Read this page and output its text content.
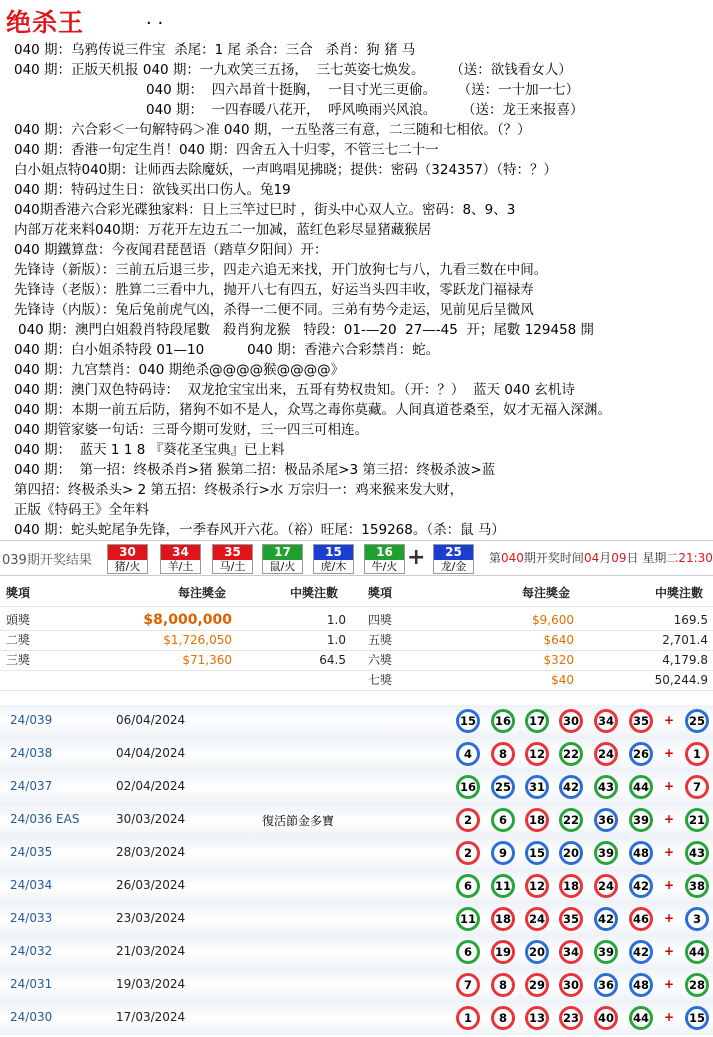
绝杀王	. .
040 期：乌鸦传说三件宝  杀尾：1 尾 杀合：三合   杀肖：狗 猪 马
040 期：正版天机报 040 期：一九欢笑三五扬，  三七英姿七焕发。      （送：欲钱看女人）
040 期：  四六昂首十挺胸，  一目寸光三更偷。     （送：一十加一七）
040 期：  一四春暖八花开，  呼风唤雨兴风浪。      （送：龙王来报喜）
040 期：六合彩＜一句解特码＞准 040 期，一五坠落三有意，二三随和七相依。（？）
040 期：香港一句定生肖！040 期：四舍五入十归零，不管三七二十一
白小姐点特040期：让师西去除魔妖，一声鸣唱见拂晓；提供：密码（324357）（特：？）
040 期：特码过生日：欲钱买出口伤人。兔19
040期香港六合彩光碟独家料：日上三竿过巳时 ，街头中心双人立。密码：8、9、3
内部万花来料040期：万花开左边五二一加减，蓝红色彩尽显猪藏猴居
040 期鐵算盘：今夜闻君琵琶语（踏草夕阳间）开：
先锋诗（新版）：三前五后退三步，四走六追无来找，开门放狗七与八，九看三数在中间。
先锋诗（老版）：胜算二三看中九，抛开八七有四五，好运当头四丰收，零跃龙门福禄寿
先锋诗（内版）：兔后兔前虎气凶，杀得一二便不同。三弟有势今走运，见前见后呈微风
040 期：澳門白姐殺肖特段尾數   殺肖狗龙猴   特段：01-—20  27—-45  开；尾數 129458 開
040 期：白小姐杀特段 01—10          040 期：香港六合彩禁肖：蛇。
040 期：九宫禁肖：040 期绝杀@@@@猴@@@@》
040 期：澳门双色特码诗：  双龙抢宝宝出来，五哥有势权贵知。（开：？）  蓝天 040 玄机诗
040 期：本期一前五后防，猪狗不如不是人，众骂之毒你莫藏。人间真道苍桑至，奴才无福入深渊。
040 期管家婆一句话：三哥今期可发财，三一四三可相连。
040 期：  蓝天 1 1 8 『葵花圣宝典』已上料
040 期：  第一招：终极杀肖>猪 猴第二招：极品杀尾>3 第三招：终极杀波>蓝
第四招：终极杀头> 2 第五招：终极杀行>水 万宗归一：鸡来猴来发大财，
正版《特码王》全年料
040 期：蛇头蛇尾争先锋，一季春风开六花。（裕）旺尾：159268。（杀：鼠 马）
039期开奖结果	+	第040期开奖时间04月09日 星期二21:30
30
猪/火
34
羊/土
35
马/土
17
鼠/火
15
虎/木
16
牛/火
25
龙/金
獎項	每注獎金	中獎注數 獎項	每注獎金	中獎注數
頭獎	$8,000,000	1.0
二獎	$1,726,050	1.0
三獎	$71,360	64.5
四獎	$9,600	169.5
五獎	$640	2,701.4
六獎	$320	4,179.8
七獎	$40	50,244.9
24/039	06/04/2024	15	16	17	30	34	35	+	25
24/038	04/04/2024	4	8	12	22	24	26	+	1
24/037	02/04/2024	16	25	31	42	43	44	+	7
24/036 EAS	30/03/2024	復活節金多寶	2	6	18	22	36	39	+	21
24/035	28/03/2024	2	9	15	20	39	48	+	43
24/034	26/03/2024	6	11	12	18	24	42	+	38
24/033	23/03/2024	11	18	24	35	42	46	+	3
24/032	21/03/2024	6	19	20	34	39	42	+	44
24/031	19/03/2024	7	8	29	30	36	48	+	28
24/030	17/03/2024	1	8	13	23	40	44	+	15
